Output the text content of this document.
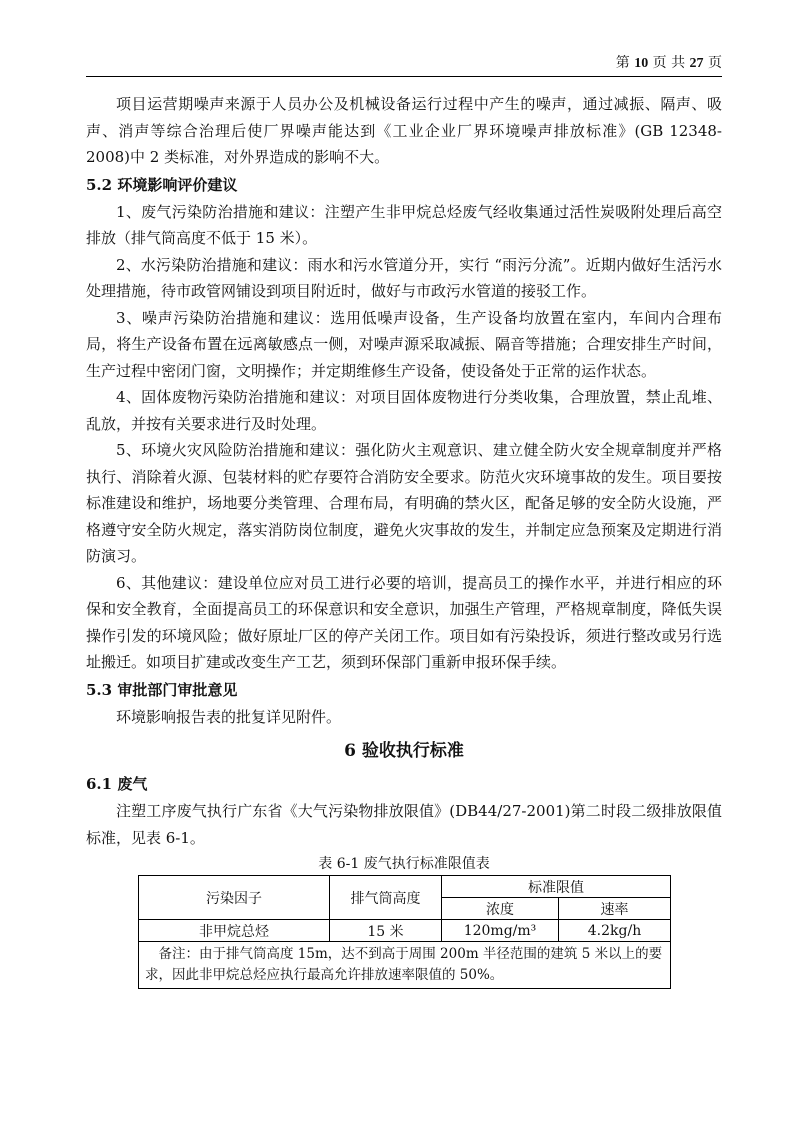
第 10 页 共 27 页

项目运营期噪声来源于人员办公及机械设备运行过程中产生的噪声，通过减振、隔声、吸声、消声等综合治理后使厂界噪声能达到《工业企业厂界环境噪声排放标准》(GB 12348-2008)中 2 类标准，对外界造成的影响不大。

5.2 环境影响评价建议

1、废气污染防治措施和建议：注塑产生非甲烷总烃废气经收集通过活性炭吸附处理后高空排放（排气筒高度不低于 15 米）。

2、水污染防治措施和建议：雨水和污水管道分开，实行 “雨污分流”。近期内做好生活污水处理措施，待市政管网铺设到项目附近时，做好与市政污水管道的接驳工作。

3、噪声污染防治措施和建议：选用低噪声设备，生产设备均放置在室内，车间内合理布局，将生产设备布置在远离敏感点一侧，对噪声源采取减振、隔音等措施；合理安排生产时间，生产过程中密闭门窗，文明操作；并定期维修生产设备，使设备处于正常的运作状态。

4、固体废物污染防治措施和建议：对项目固体废物进行分类收集，合理放置，禁止乱堆、乱放，并按有关要求进行及时处理。

5、环境火灾风险防治措施和建议：强化防火主观意识、建立健全防火安全规章制度并严格执行、消除着火源、包装材料的贮存要符合消防安全要求。防范火灾环境事故的发生。项目要按标准建设和维护，场地要分类管理、合理布局，有明确的禁火区，配备足够的安全防火设施，严格遵守安全防火规定，落实消防岗位制度，避免火灾事故的发生，并制定应急预案及定期进行消防演习。

6、其他建议：建设单位应对员工进行必要的培训，提高员工的操作水平，并进行相应的环保和安全教育，全面提高员工的环保意识和安全意识，加强生产管理，严格规章制度，降低失误操作引发的环境风险；做好原址厂区的停产关闭工作。项目如有污染投诉，须进行整改或另行选址搬迁。如项目扩建或改变生产工艺，须到环保部门重新申报环保手续。

5.3 审批部门审批意见

环境影响报告表的批复详见附件。

6 验收执行标准

6.1 废气

注塑工序废气执行广东省《大气污染物排放限值》(DB44/27-2001)第二时段二级排放限值标准，见表 6-1。

表 6-1 废气执行标准限值表
污染因子	排气筒高度	标准限值	
		浓度	速率
非甲烷总烃	15 米	120mg/m³	4.2kg/h
备注：由于排气筒高度 15m，达不到高于周围 200m 半径范围的建筑 5 米以上的要求，因此非甲烷总烃应执行最高允许排放速率限值的 50%。			
